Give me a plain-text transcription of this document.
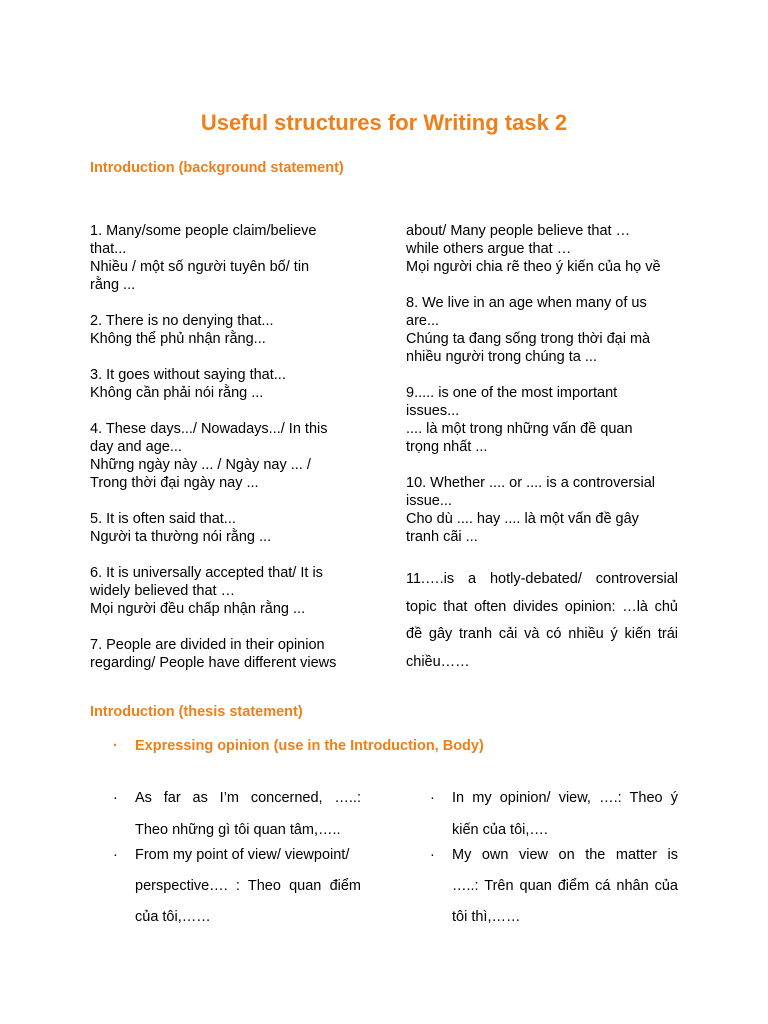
Useful structures for Writing task 2
Introduction (background statement)
1. Many/some people claim/believe
that...
Nhiều / một số người tuyên bố/ tin
rằng ...
2. There is no denying that...
Không thể phủ nhận rằng...
3. It goes without saying that...
Không cần phải nói rằng ...
4. These days.../ Nowadays.../ In this
day and age...
Những ngày này ... / Ngày nay ... /
Trong thời đại ngày nay ...
5. It is often said that...
Người ta thường nói rằng ...
6. It is universally accepted that/ It is
widely believed that …
Mọi người đều chấp nhận rằng ...
7. People are divided in their opinion
regarding/ People have different views
about/ Many people believe that …
while others argue that …
Mọi người chia rẽ theo ý kiến của họ về
8. We live in an age when many of us
are...
Chúng ta đang sống trong thời đại mà
nhiều người trong chúng ta ...
9..... is one of the most important
issues...
.... là một trong những vấn đề quan
trọng nhất ...
10. Whether .... or .... is a controversial
issue...
Cho dù .... hay .... là một vấn đề gây
tranh cãi ...
11.….is a hotly-debated/ controversial topic that often divides opinion: …là chủ đề gây tranh cải và có nhiều ý kiến trái chiều……
Introduction (thesis statement)
· Expressing opinion (use in the Introduction, Body)
· As far as I’m concerned, …..:
Theo những gì tôi quan tâm,…..
· From my point of view/ viewpoint/
perspective…. : Theo quan điểm
của tôi,……
· In my opinion/ view, ….: Theo ý
kiến của tôi,….
· My own view on the matter is
…..: Trên quan điểm cá nhân của
tôi thì,……
